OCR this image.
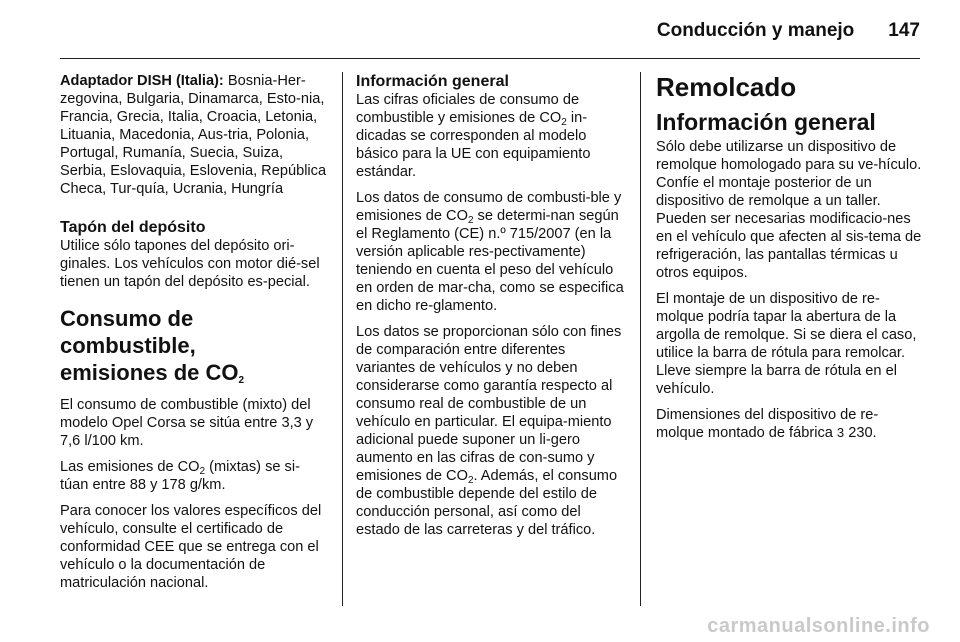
Conducción y manejo 147

Adaptador DISH (Italia): Bosnia-Her-zegovina, Bulgaria, Dinamarca, Esto-nia, Francia, Grecia, Italia, Croacia, Letonia, Lituania, Macedonia, Aus-tria, Polonia, Portugal, Rumanía, Suecia, Suiza, Serbia, Eslovaquia, Eslovenia, República Checa, Tur-quía, Ucrania, Hungría

Tapón del depósito

Utilice sólo tapones del depósito ori-ginales. Los vehículos con motor dié-sel tienen un tapón del depósito es-pecial.

Consumo de combustible,
emisiones de $CO_2$

El consumo de combustible (mixto) del modelo Opel Corsa se sitúa entre 3,3 y 7,6 l/100 km.

Las emisiones de $CO_2$ (mixtas) se si-túan entre 88 y 178 g/km.

Para conocer los valores específicos del vehículo, consulte el certificado de conformidad CEE que se entrega con el vehículo o la documentación de matriculación nacional.

Información general

Las cifras oficiales de consumo de combustible y emisiones de $CO_2$ in-dicadas se corresponden al modelo básico para la UE con equipamiento estándar.

Los datos de consumo de combusti-ble y emisiones de $CO_2$ se determi-nan según el Reglamento (CE) n.º 715/2007 (en la versión aplicable res-pectivamente) teniendo en cuenta el peso del vehículo en orden de mar-cha, como se especifica en dicho re-glamento.

Los datos se proporcionan sólo con fines de comparación entre diferentes variantes de vehículos y no deben considerarse como garantía respecto al consumo real de combustible de un vehículo en particular. El equipa-miento adicional puede suponer un li-gero aumento en las cifras de con-sumo y emisiones de $CO_2$. Además, el consumo de combustible depende del estilo de conducción personal, así como del estado de las carreteras y del tráfico.

Remolcado
Información general

Sólo debe utilizarse un dispositivo de remolque homologado para su ve-hículo. Confíe el montaje posterior de un dispositivo de remolque a un taller. Pueden ser necesarias modificacio-nes en el vehículo que afecten al sis-tema de refrigeración, las pantallas térmicas u otros equipos.

El montaje de un dispositivo de re-molque podría tapar la abertura de la argolla de remolque. Si se diera el caso, utilice la barra de rótula para remolcar. Lleve siempre la barra de rótula en el vehículo.

Dimensiones del dispositivo de re-molque montado de fábrica 3 230.

carmanualsonline.info
